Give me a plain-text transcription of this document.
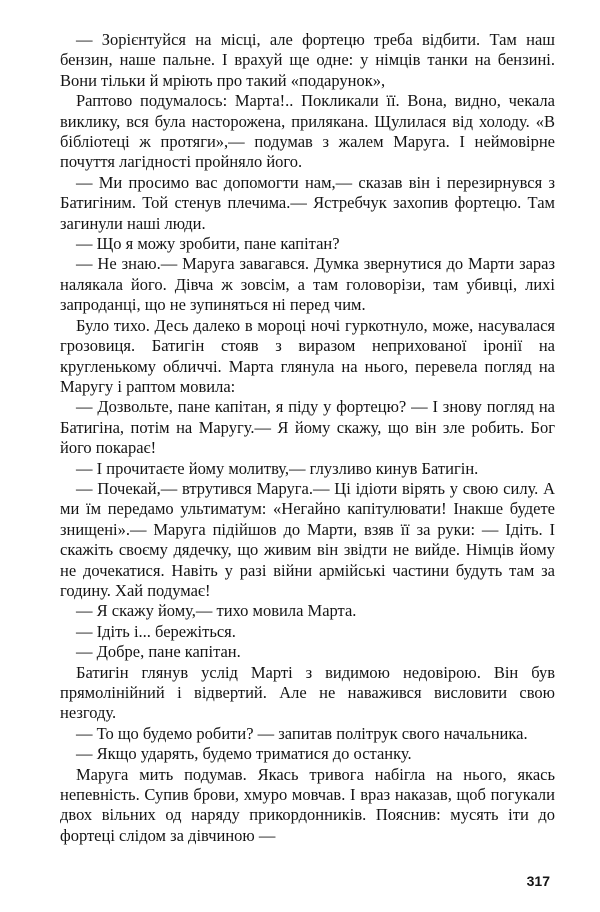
— Зорієнтуйся на місці, але фортецю треба відбити. Там наш бензин, наше пальне. І врахуй ще одне: у німців танки на бензині. Вони тільки й мріють про такий «подарунок»,

Раптово подумалось: Марта!.. Покликали її. Вона, видно, чекала виклику, вся була насторожена, прилякана. Щулилася від холоду. «В бібліотеці ж протяги»,— подумав з жалем Маруга. І неймовірне почуття лагідності пройняло його.

— Ми просимо вас допомогти нам,— сказав він і перезирнувся з Батигіним. Той стенув плечима.— Ястребчук захопив фортецю. Там загинули наші люди.

— Що я можу зробити, пане капітан?

— Не знаю.— Маруга завагався. Думка звернутися до Марти зараз налякала його. Дівча ж зовсім, а там головорізи, там убивці, лихі запроданці, що не зупиняться ні перед чим.

Було тихо. Десь далеко в мороці ночі гуркотнуло, може, насувалася грозовиця. Батигін стояв з виразом неприхованої іронії на кругленькому обличчі. Марта глянула на нього, перевела погляд на Маругу і раптом мовила:

— Дозвольте, пане капітан, я піду у фортецю? — І знову погляд на Батигіна, потім на Маругу.— Я йому скажу, що він зле робить. Бог його покарає!

— І прочитаєте йому молитву,— глузливо кинув Батигін.

— Почекай,— втрутився Маруга.— Ці ідіоти вірять у свою силу. А ми їм передамо ультиматум: «Негайно капітулювати! Інакше будете знищені».— Маруга підійшов до Марти, взяв її за руки: — Ідіть. І скажіть своєму дядечку, що живим він звідти не вийде. Німців йому не дочекатися. Навіть у разі війни армійські частини будуть там за годину. Хай подумає!

— Я скажу йому,— тихо мовила Марта.

— Ідіть і... бережіться.

— Добре, пане капітан.

Батигін глянув услід Марті з видимою недовірою. Він був прямолінійний і відвертий. Але не наважився висловити свою незгоду.

— То що будемо робити? — запитав політрук свого начальника.

— Якщо ударять, будемо триматися до останку.

Маруга мить подумав. Якась тривога набігла на нього, якась непевність. Супив брови, хмуро мовчав. І враз наказав, щоб погукали двох вільних од наряду прикордонників. Пояснив: мусять іти до фортеці слідом за дівчиною —

317
